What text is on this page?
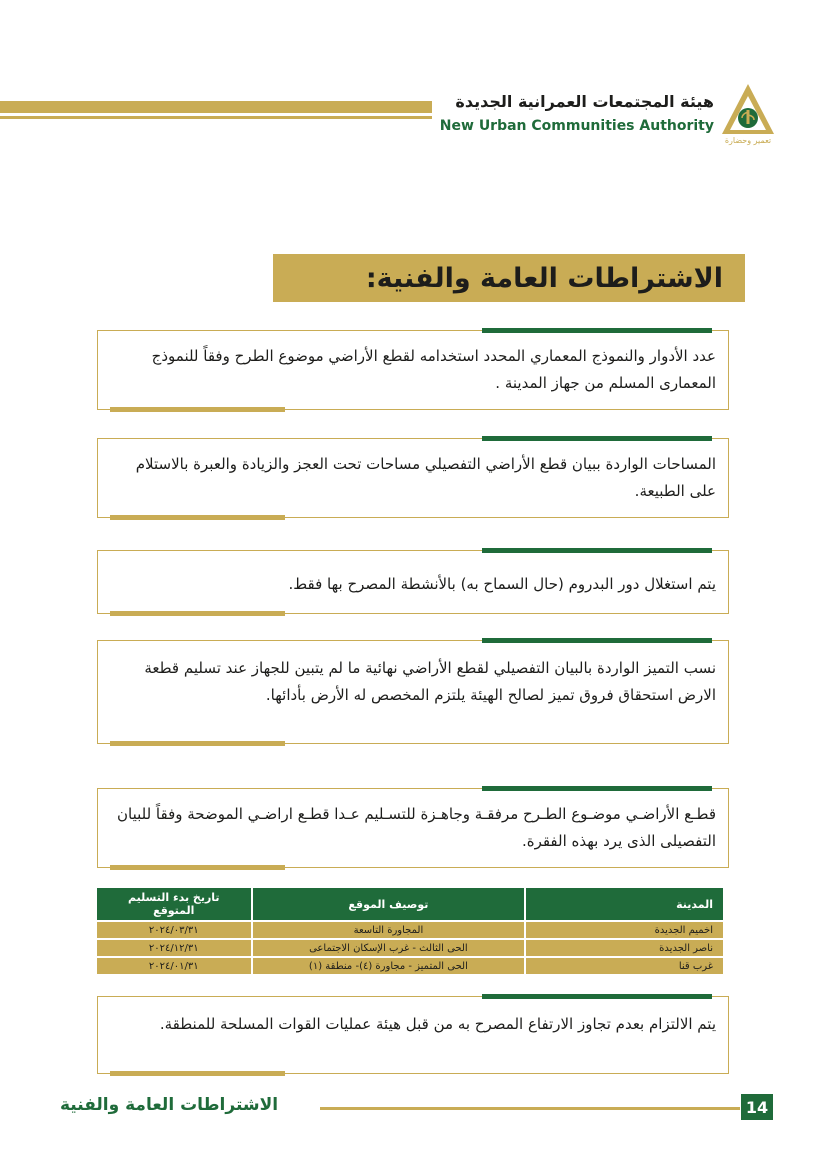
هيئة المجتمعات العمرانية الجديدة
New Urban Communities Authority
تعمير وحضارة
الاشتراطات العامة والفنية:

عدد الأدوار والنموذج المعماري المحدد استخدامه لقطع الأراضي موضوع الطرح وفقاً للنموذج المعمارى المسلم من جهاز المدينة .

المساحات الواردة ببيان قطع الأراضي التفصيلي مساحات تحت العجز والزيادة والعبرة بالاستلام على الطبيعة.

يتم استغلال دور البدروم (حال السماح به) بالأنشطة المصرح بها فقط.

نسب التميز الواردة بالبيان التفصيلي لقطع الأراضي نهائية ما لم يتبين للجهاز عند تسليم قطعة الارض استحقاق فروق تميز لصالح الهيئة يلتزم المخصص له الأرض بأدائها.

قطـع الأراضـي موضـوع الطـرح مرفقـة وجاهـزة للتسـليم عـدا قطـع اراضـي الموضحة وفقاً للبيان التفصيلى الذى يرد بهذه الفقرة.

المدينة	توصيف الموقع	تاريخ بدء التسليم المتوقع
اخميم الجديدة	المجاورة التاسعة	٢٠٢٤/٠٣/٣١
ناصر الجديدة	الحى الثالث - غرب الإسكان الاجتماعى	٢٠٢٤/١٢/٣١
غرب قنا	الحى المتميز - مجاورة (٤)- منطقة (١)	٢٠٢٤/٠١/٣١

يتم الالتزام بعدم تجاوز الارتفاع المصرح به من قبل هيئة عمليات القوات المسلحة للمنطقة.

14
الاشتراطات العامة والفنية
